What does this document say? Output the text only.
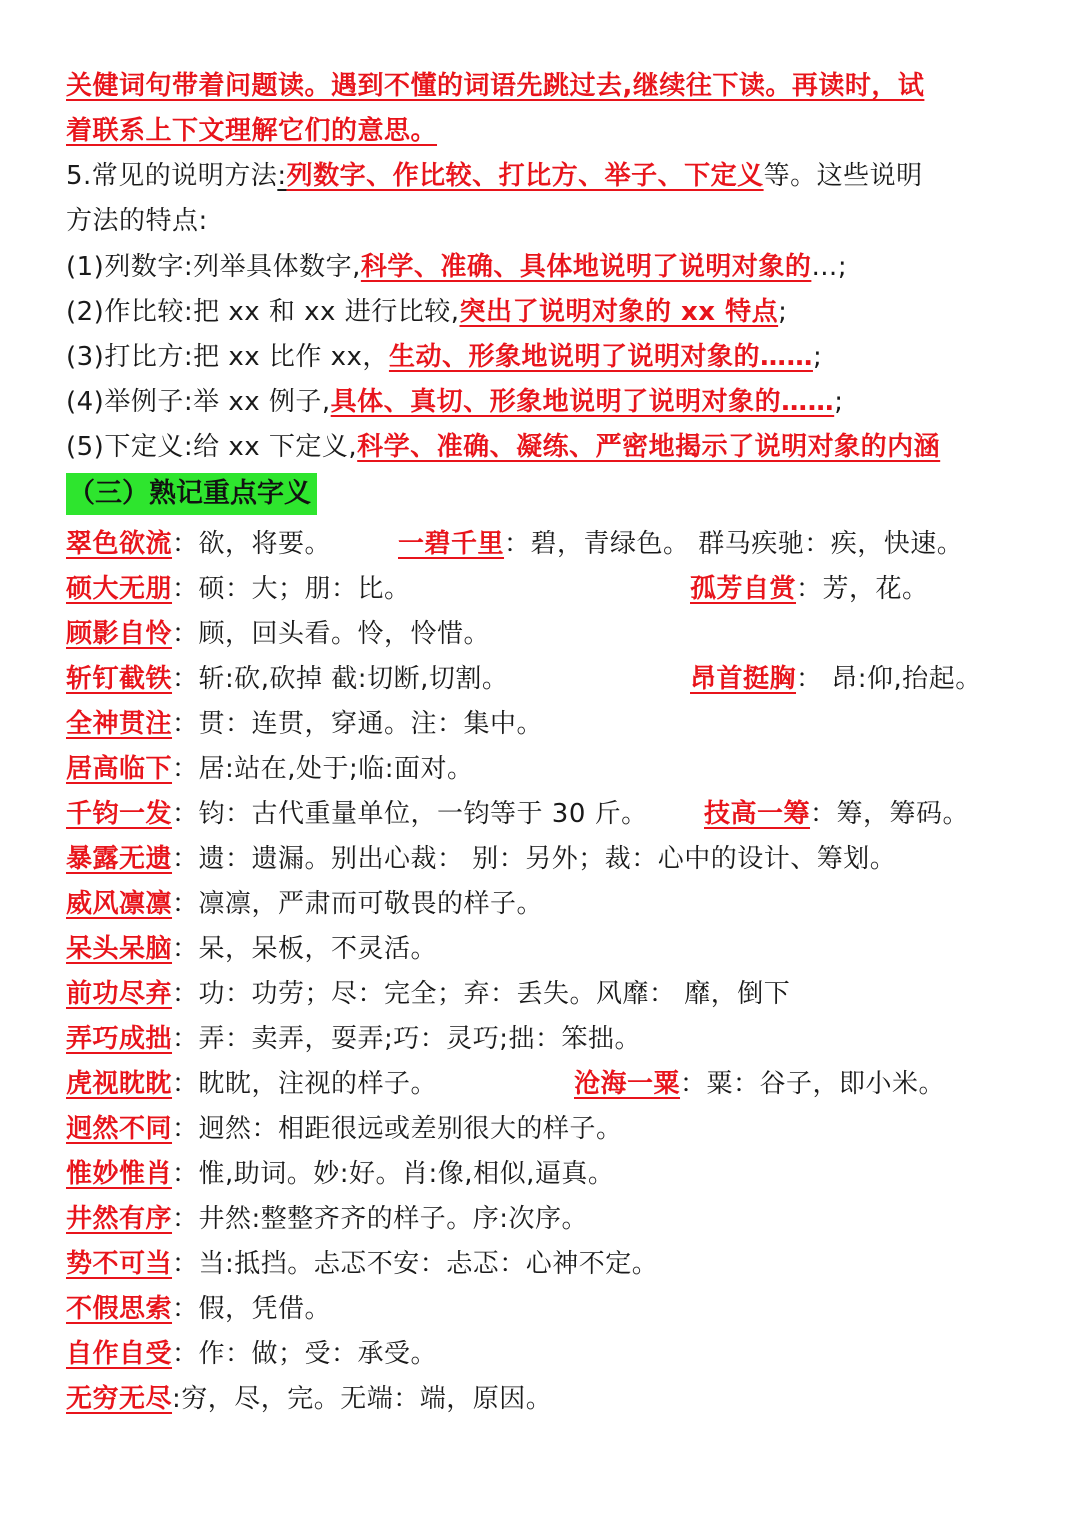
关健词句带着问题读。遇到不懂的词语先跳过去,继续往下读。再读时，试
着联系上下文理解它们的意思。
5.常见的说明方法:列数字、作比较、打比方、举子、下定义等。这些说明
方法的特点:
(1)列数字:列举具体数字,科学、准确、具体地说明了说明对象的…;
(2)作比较:把 xx 和 xx 进行比较,突出了说明对象的 xx 特点;
(3)打比方:把 xx 比作 xx，生动、形象地说明了说明对象的……;
(4)举例子:举 xx 例子,具体、真切、形象地说明了说明对象的……;
(5)下定义:给 xx 下定义,科学、准确、凝练、严密地揭示了说明对象的内涵
（三）熟记重点字义
翠色欲流：欲，将要。	一碧千里：碧，青绿色。 群马疾驰：疾，快速。
硕大无朋：硕：大；朋：比。	孤芳自赏：芳，花。
顾影自怜：顾，回头看。怜，怜惜。
斩钉截铁：斩:砍,砍掉 截:切断,切割。	昂首挺胸： 昂:仰,抬起。
全神贯注：贯：连贯，穿通。注：集中。
居高临下：居:站在,处于;临:面对。
千钧一发：钧：古代重量单位，一钧等于 30 斤。 技高一筹：筹，筹码。
暴露无遗：遗：遗漏。别出心裁： 别：另外；裁：心中的设计、筹划。
威风凛凛：凛凛，严肃而可敬畏的样子。
呆头呆脑：呆，呆板，不灵活。
前功尽弃：功：功劳；尽：完全；弃：丢失。风靡： 靡，倒下
弄巧成拙：弄：卖弄，耍弄;巧：灵巧;拙：笨拙。
虎视眈眈：眈眈，注视的样子。	沧海一粟：粟：谷子，即小米。
迥然不同：迥然：相距很远或差别很大的样子。
惟妙惟肖：惟,助词。妙:好。肖:像,相似,逼真。
井然有序：井然:整整齐齐的样子。序:次序。
势不可当：当:抵挡。忐忑不安：忐忑：心神不定。
不假思索：假，凭借。
自作自受：作：做；受：承受。
无穷无尽:穷，尽，完。无端：端，原因。
